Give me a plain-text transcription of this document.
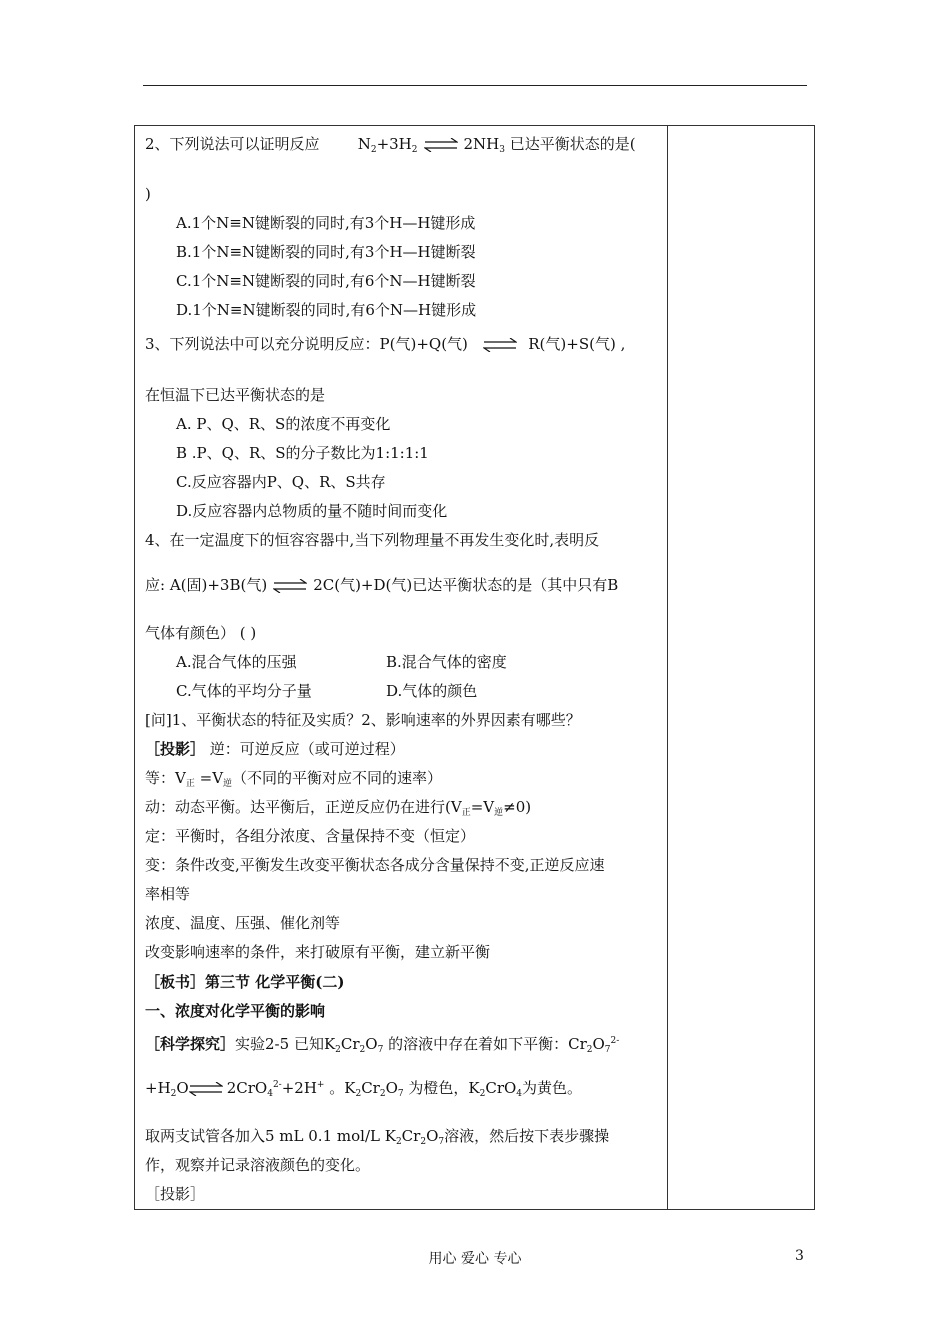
2、下列说法可以证明反应	$N_2+3H_2$ ⇌ $2NH_3$ 已达平衡状态的是(
)
A.1个N≡N键断裂的同时,有3个H—H键形成
B.1个N≡N键断裂的同时,有3个H—H键断裂
C.1个N≡N键断裂的同时,有6个N—H键断裂
D.1个N≡N键断裂的同时,有6个N—H键形成
3、下列说法中可以充分说明反应：P(气)+Q(气) ⇌ R(气)+S(气) ,
在恒温下已达平衡状态的是
A. P、Q、R、S的浓度不再变化
B .P、Q、R、S的分子数比为1:1:1:1
C.反应容器内P、Q、R、S共存
D.反应容器内总物质的量不随时间而变化
4、在一定温度下的恒容容器中,当下列物理量不再发生变化时,表明反
应: A(固)+3B(气) ⇌ 2C(气)+D(气)已达平衡状态的是（其中只有B
气体有颜色） ( )
A.混合气体的压强	B.混合气体的密度
C.气体的平均分子量	D.气体的颜色
[问]1、平衡状态的特征及实质？2、影响速率的外界因素有哪些？
［投影］ 逆：可逆反应（或可逆过程）
等：$V_正 =V_逆$（不同的平衡对应不同的速率）
动：动态平衡。达平衡后，正逆反应仍在进行$(V_正=V_逆\ne 0)$
定：平衡时，各组分浓度、含量保持不变（恒定）
变：条件改变,平衡发生改变平衡状态各成分含量保持不变,正逆反应速
率相等
浓度、温度、压强、催化剂等
改变影响速率的条件，来打破原有平衡，建立新平衡
［板书］第三节 化学平衡(二)
一、浓度对化学平衡的影响
［科学探究］实验2-5 已知$K_2Cr_2O_7$ 的溶液中存在着如下平衡：$Cr_2O_7^{2-}$
$+H_2O\rightleftharpoons$ 2CrO$_4^{2-}$+2H+ 。$K_2Cr_2O_7$ 为橙色，$K_2CrO_4$为黄色。
取两支试管各加入5 mL 0.1 mol/L $K_2Cr_2O_7$溶液，然后按下表步骤操
作，观察并记录溶液颜色的变化。
［投影］
用心 爱心 专心	3
